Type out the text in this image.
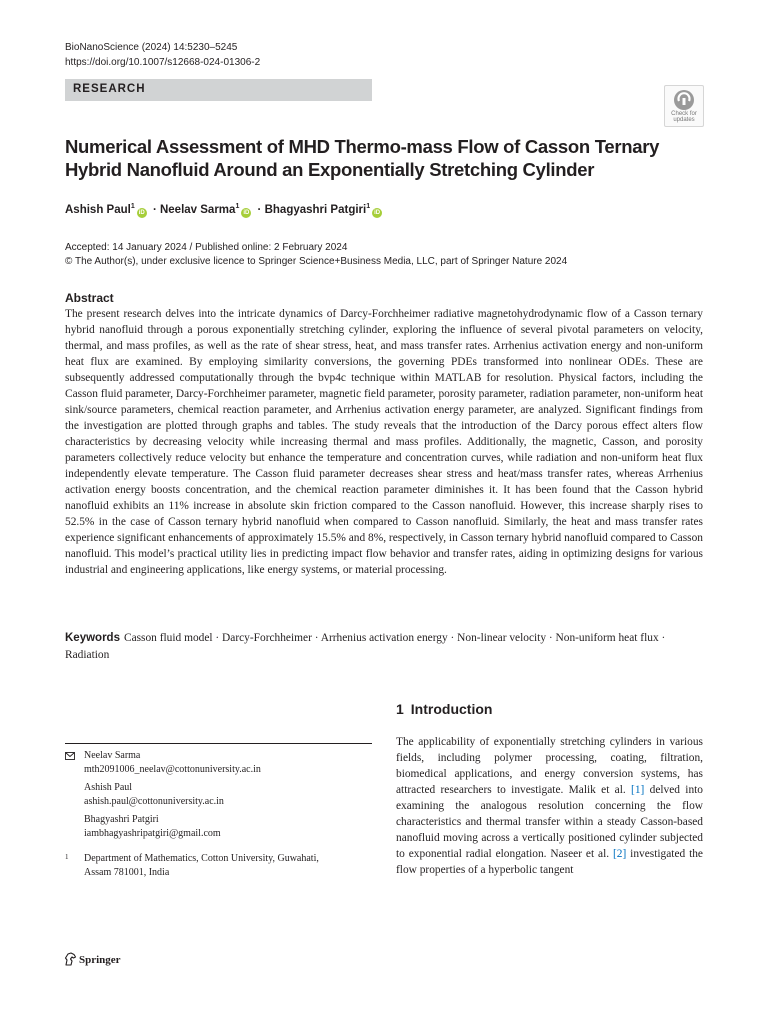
BioNanoScience (2024) 14:5230–5245
https://doi.org/10.1007/s12668-024-01306-2
RESEARCH
Check for
updates
Numerical Assessment of MHD Thermo-mass Flow of Casson Ternary
Hybrid Nanofluid Around an Exponentially Stretching Cylinder
Ashish Paul$^1$iD · Neelav Sarma$^1$iD · Bhagyashri Patgiri$^1$iD
Accepted: 14 January 2024 / Published online: 2 February 2024
© The Author(s), under exclusive licence to Springer Science+Business Media, LLC, part of Springer Nature 2024
Abstract
The present research delves into the intricate dynamics of Darcy-Forchheimer radiative magnetohydrodynamic flow of a Casson ternary hybrid nanofluid through a porous exponentially stretching cylinder, exploring the influence of several pivotal parameters on velocity, thermal, and mass profiles, as well as the rate of shear stress, heat, and mass transfer rates. Arrhenius activation energy and non-uniform heat flux are examined. By employing similarity conversions, the governing PDEs transformed into nonlinear ODEs. These are subsequently addressed computationally through the bvp4c technique within MATLAB for resolution. Physical factors, including the Casson fluid parameter, Darcy-Forchheimer parameter, magnetic field parameter, porosity parameter, radiation parameter, non-uniform heat sink/source parameters, chemical reaction parameter, and Arrhenius activation energy parameter, are analyzed. Significant findings from the investigation are plotted through graphs and tables. The study reveals that the introduction of the Darcy porous effect alters flow characteristics by decreasing velocity while increasing thermal and mass profiles. Additionally, the magnetic, Casson, and porosity parameters collectively reduce velocity but enhance the temperature and concentration curves, while radiation and non-uniform heat flux independently elevate temperature. The Casson fluid parameter decreases shear stress and heat/mass transfer rates, whereas Arrhenius activation energy boosts concentration, and the chemical reaction parameter diminishes it. It has been found that the Casson hybrid nanofluid exhibits an 11% increase in absolute skin friction compared to the Casson nanofluid. However, this increase sharply rises to 52.5% in the case of Casson ternary hybrid nanofluid when compared to Casson nanofluid. Similarly, the heat and mass transfer rates experience significant enhancements of approximately 15.5% and 8%, respectively, in Casson ternary hybrid nanofluid compared to Casson nanofluid. This model’s practical utility lies in predicting impact flow behavior and transfer rates, aiding in optimizing designs for various industrial and engineering applications, like energy systems, or material processing.
Keywords Casson fluid model · Darcy-Forchheimer · Arrhenius activation energy · Non-linear velocity · Non-uniform heat flux · Radiation
1 Introduction
The applicability of exponentially stretching cylinders in various fields, including polymer processing, coating, filtration, biomedical applications, and energy conversion systems, has attracted researchers to investigate. Malik et al. [1] delved into examining the analogous resolution concerning the flow characteristics and thermal transfer within a steady Casson-based nanofluid moving across a vertically positioned cylinder subjected to exponential radial elongation. Naseer et al. [2] investigated the flow properties of a hyperbolic tangent
Neelav Sarma
mth2091006_neelav@cottonuniversity.ac.in
Ashish Paul
ashish.paul@cottonuniversity.ac.in
Bhagyashri Patgiri
iambhagyashripatgiri@gmail.com
1 Department of Mathematics, Cotton University, Guwahati,
Assam 781001, India
Springer
